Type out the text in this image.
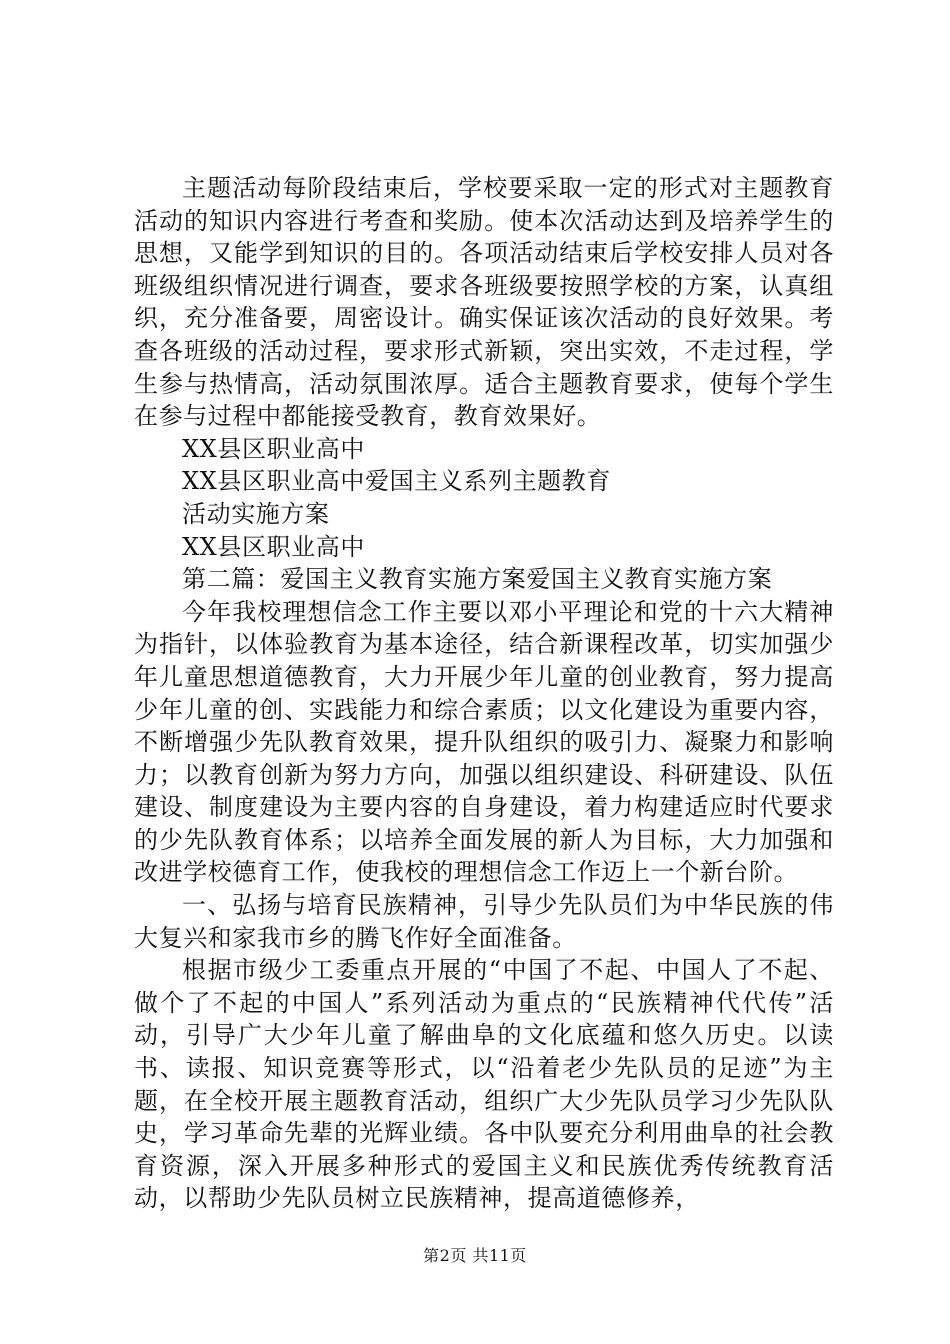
主题活动每阶段结束后，学校要采取一定的形式对主题教育活动的知识内容进行考查和奖励。使本次活动达到及培养学生的思想，又能学到知识的目的。各项活动结束后学校安排人员对各班级组织情况进行调查，要求各班级要按照学校的方案，认真组织，充分准备要，周密设计。确实保证该次活动的良好效果。考查各班级的活动过程，要求形式新颖，突出实效，不走过程，学生参与热情高，活动氛围浓厚。适合主题教育要求，使每个学生在参与过程中都能接受教育，教育效果好。

XX县区职业高中

XX县区职业高中爱国主义系列主题教育

活动实施方案

XX县区职业高中

第二篇：爱国主义教育实施方案爱国主义教育实施方案

今年我校理想信念工作主要以邓小平理论和党的十六大精神为指针，以体验教育为基本途径，结合新课程改革，切实加强少年儿童思想道德教育，大力开展少年儿童的创业教育，努力提高少年儿童的创、实践能力和综合素质；以文化建设为重要内容，不断增强少先队教育效果，提升队组织的吸引力、凝聚力和影响力；以教育创新为努力方向，加强以组织建设、科研建设、队伍建设、制度建设为主要内容的自身建设，着力构建适应时代要求的少先队教育体系；以培养全面发展的新人为目标，大力加强和改进学校德育工作，使我校的理想信念工作迈上一个新台阶。

一、弘扬与培育民族精神，引导少先队员们为中华民族的伟大复兴和家我市乡的腾飞作好全面准备。

根据市级少工委重点开展的“中国了不起、中国人了不起、做个了不起的中国人”系列活动为重点的“民族精神代代传”活动，引导广大少年儿童了解曲阜的文化底蕴和悠久历史。以读书、读报、知识竞赛等形式，以“沿着老少先队员的足迹”为主题，在全校开展主题教育活动，组织广大少先队员学习少先队队史，学习革命先辈的光辉业绩。各中队要充分利用曲阜的社会教育资源，深入开展多种形式的爱国主义和民族优秀传统教育活动，以帮助少先队员树立民族精神，提高道德修养，

第2页 共11页
